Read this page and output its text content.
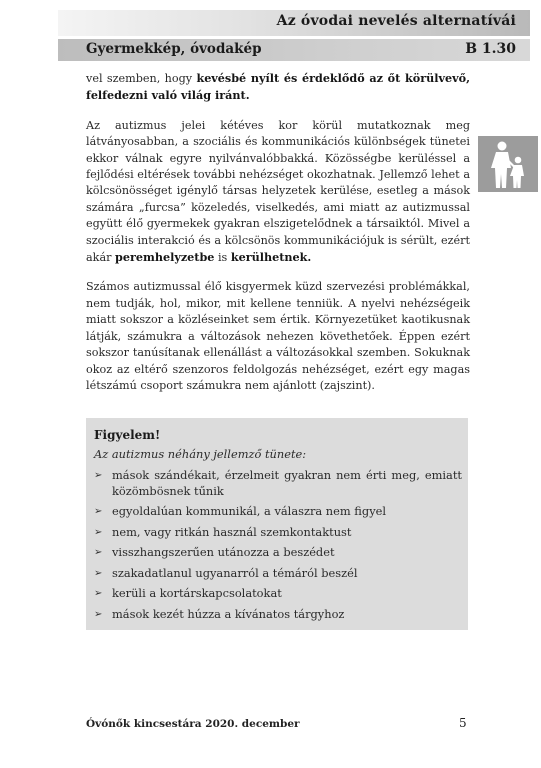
Az óvodai nevelés alternatívái
Gyermekkép, óvodakép	B 1.30

vel szemben, hogy kevésbé nyílt és érdeklődő az őt körülvevő, felfedezni való világ iránt.

Az autizmus jelei kétéves kor körül mutatkoznak meg látványosabban, a szociális és kommunikációs különbségek tünetei ekkor válnak egyre nyilvánvalóbbakká. Közösségbe kerüléssel a fejlődési eltérések további nehézséget okozhatnak. Jellemző lehet a kölcsönösséget igénylő társas helyzetek kerülése, esetleg a mások számára „furcsa” közeledés, viselkedés, ami miatt az autizmussal együtt élő gyermekek gyakran elszigetelődnek a társaiktól. Mivel a szociális interakció és a kölcsönös kommunikációjuk is sérült, ezért akár peremhelyzetbe is kerülhetnek.

Számos autizmussal élő kisgyermek küzd szervezési problémákkal, nem tudják, hol, mikor, mit kellene tenniük. A nyelvi nehézségeik miatt sokszor a közléseinket sem értik. Környezetüket kaotikusnak látják, számukra a változások nehezen követhetőek. Éppen ezért sokszor tanúsítanak ellenállást a változásokkal szemben. Sokuknak okoz az eltérő szenzoros feldolgozás nehézséget, ezért egy magas létszámú csoport számukra nem ajánlott (zajszint).

Figyelem!
Az autizmus néhány jellemző tünete:
➢ mások szándékait, érzelmeit gyakran nem érti meg, emiatt közömbösnek tűnik
➢ egyoldalúan kommunikál, a válaszra nem figyel
➢ nem, vagy ritkán használ szemkontaktust
➢ visszhangszerűen utánozza a beszédet
➢ szakadatlanul ugyanarról a témáról beszél
➢ kerüli a kortárskapcsolatokat
➢ mások kezét húzza a kívánatos tárgyhoz
Óvónők kincsestára 2020. december	5
